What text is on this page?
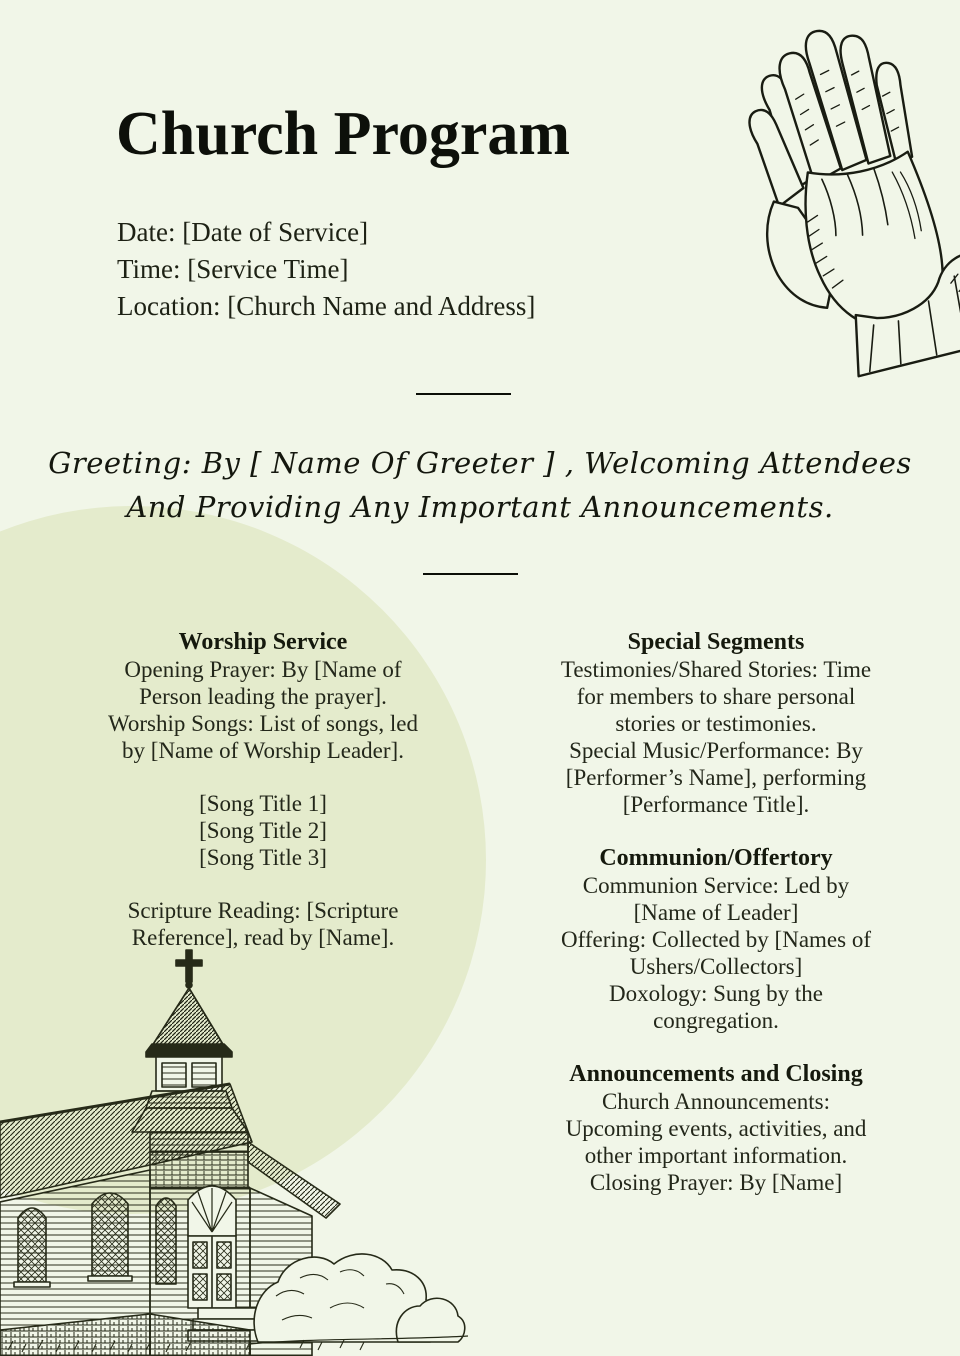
Church Program
Date: [Date of Service]
Time: [Service Time]
Location: [Church Name and Address]
Greeting: By [ Name Of Greeter ] , Welcoming Attendees
And Providing Any Important Announcements.
Worship Service
Opening Prayer: By [Name of
Person leading the prayer].
Worship Songs: List of songs, led
by [Name of Worship Leader].
[Song Title 1]
[Song Title 2]
[Song Title 3]
Scripture Reading: [Scripture
Reference], read by [Name].
Special Segments
Testimonies/Shared Stories: Time
for members to share personal
stories or testimonies.
Special Music/Performance: By
[Performer’s Name], performing
[Performance Title].
Communion/Offertory
Communion Service: Led by
[Name of Leader]
Offering: Collected by [Names of
Ushers/Collectors]
Doxology: Sung by the
congregation.
Announcements and Closing
Church Announcements:
Upcoming events, activities, and
other important information.
Closing Prayer: By [Name]
